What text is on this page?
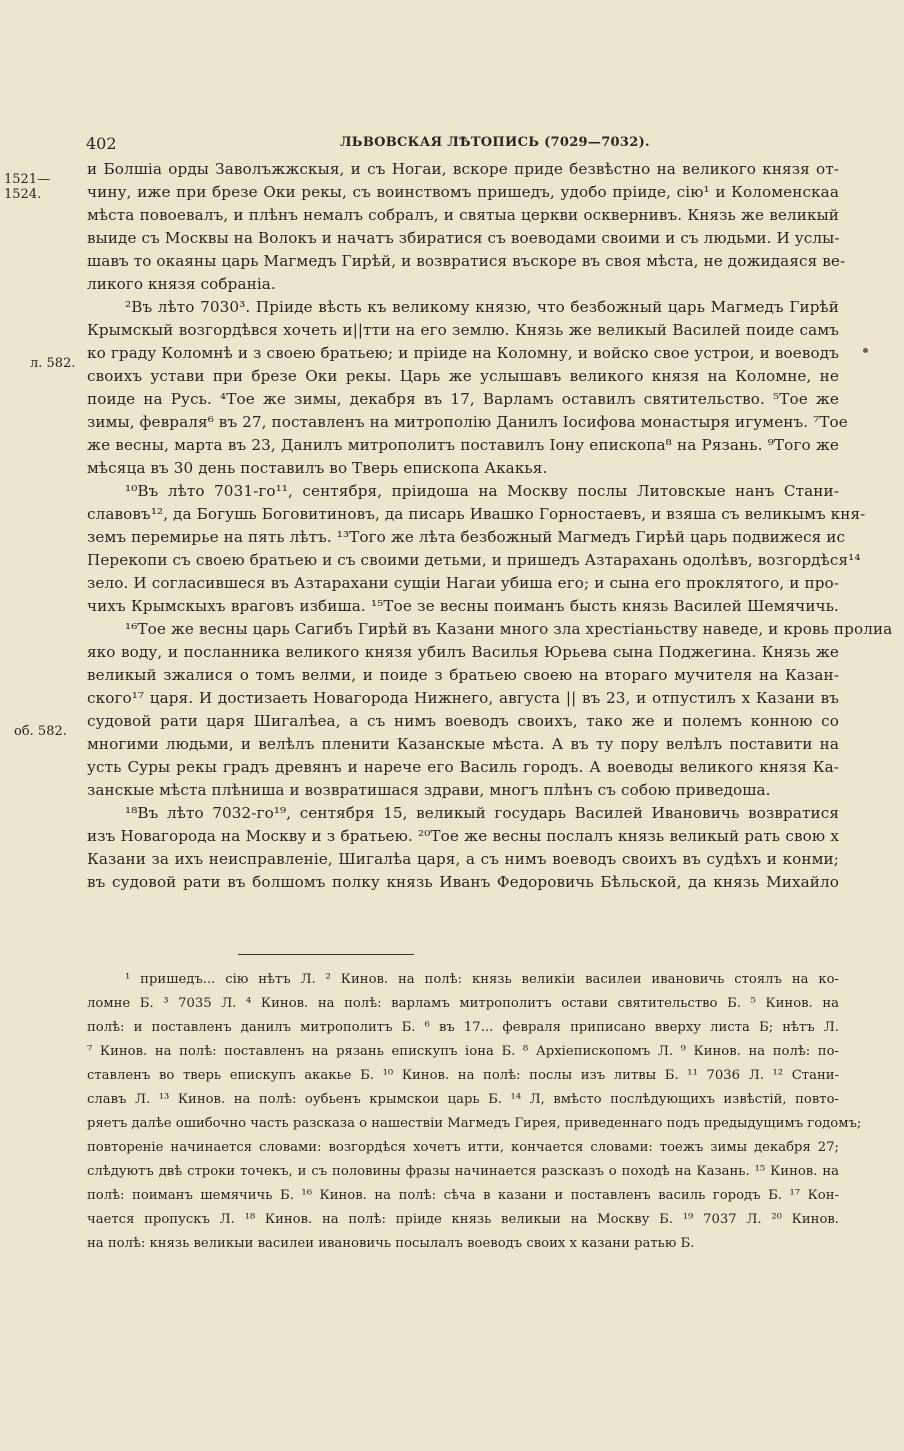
402	ЛЬВОВСКАЯ ЛѢТОПИСЬ (7029—7032).
1521—1524.
л. 582.
об. 582.
и Болшіа орды Заволъжжскыя, и съ Ногаи, вскоре приде безвѣстно на великого князя от-
чину, иже при брезе Оки рекы, съ воинствомъ пришедъ, удобо пріиде, сію¹ и Коломенскаа
мѣста повоевалъ, и плѣнъ немалъ собралъ, и святыа церкви осквернивъ. Князь же великый
выиде съ Москвы на Волокъ и начатъ збиратися съ воеводами своими и съ людьми. И услы-
шавъ то окаяны царь Магмедъ Гирѣй, и возвратися въскоре въ своя мѣста, не дожидаяся ве-
ликого князя собраніа.
²Въ лѣто 7030³. Пріиде вѣсть къ великому князю, что безбожный царь Магмедъ Гирѣй
Крымскый возгордѣвся хочеть и||тти на его землю. Князь же великый Василей поиде самъ
ко граду Коломнѣ и з своею братьею; и пріиде на Коломну, и войско свое устрои, и воеводъ
своихъ устави при брезе Оки рекы. Царь же услышавъ великого князя на Коломне, не
поиде на Русь. ⁴Тое же зимы, декабря въ 17, Варламъ оставилъ святительство. ⁵Тое же
зимы, февраля⁶ въ 27, поставленъ на митрополію Данилъ Іосифова монастыря игуменъ. ⁷Тое
же весны, марта въ 23, Данилъ митрополитъ поставилъ Іону епископа⁸ на Рязань. ⁹Того же
мѣсяца въ 30 день поставилъ во Тверь епископа Акакья.
¹⁰Въ лѣто 7031-го¹¹, сентября, пріидоша на Москву послы Литовскые нанъ Стани-
славовъ¹², да Богушь Боговитиновъ, да писарь Ивашко Горностаевъ, и взяша съ великымъ кня-
земъ перемирье на пять лѣтъ. ¹³Того же лѣта безбожный Магмедъ Гирѣй царь подвижеся ис
Перекопи съ своею братьею и съ своими детьми, и пришедъ Азтарахань одолѣвъ, возгордѣся¹⁴
зело. И согласившеся въ Азтарахани сущіи Нагаи убиша его; и сына его проклятого, и про-
чихъ Крымскыхъ враговъ избиша. ¹⁵Тое зе весны пoиманъ бысть князь Василей Шемячичь.
¹⁶Тое же весны царь Сагибъ Гирѣй въ Казани много зла хрестіаньству наведе, и кровь пролиа
яко воду, и посланника великого князя убилъ Василья Юрьева сына Поджегина. Князь же
великый зжалися о томъ велми, и поиде з братьею своею на вторaго мучителя на Казан-
ского¹⁷ царя. И достизаеть Новагорода Нижнего, августа || въ 23, и отпустилъ х Казани въ
судовой рати царя Шигалѣеа, а съ нимъ воеводъ своихъ, тако же и полемъ конною со
многими людьми, и велѣлъ пленити Казанскые мѣста. А въ ту пору велѣлъ поставити на
усть Суры рекы градъ древянъ и нарече его Василь городъ. А воеводы великого князя Ка-
занскые мѣста плѣниша и возвратишася здрави, многъ плѣнъ съ собою приведоша.
¹⁸Въ лѣто 7032-го¹⁹, сентября 15, великый государь Василей Ивановичь возвратися
изъ Новагорода на Москву и з братьею. ²⁰Тое же весны послалъ князь великый рать свою х
Казани за ихъ неисправленіе, Шигалѣа царя, а съ нимъ воеводъ своихъ въ судѣхъ и конми;
въ судовой рати въ болшомъ полку князь Иванъ Федоровичь Бѣльской, да князь Михайло
¹ пришедъ... сію нѣтъ Л. ² Кинов. на полѣ: князь великіи василеи ивановичь стоялъ на ко-
ломне Б. ³ 7035 Л. ⁴ Кинов. на полѣ: варламъ митрополитъ остави святительство Б. ⁵ Кинов. на
полѣ: и поставленъ данилъ митрополитъ Б. ⁶ въ 17... февраля приписано вверху листа Б; нѣтъ Л.
⁷ Кинов. на полѣ: поставленъ на рязань епискупъ іона Б. ⁸ Архіепископомъ Л. ⁹ Кинов. на полѣ: по-
ставленъ во тверь епискупъ акакье Б. ¹⁰ Кинов. на полѣ: послы изъ литвы Б. ¹¹ 7036 Л. ¹² Стани-
славъ Л. ¹³ Кинов. на полѣ: оубьенъ крымскои царь Б. ¹⁴ Л, вмѣсто послѣдующихъ извѣстій, повто-
ряетъ далѣе ошибочно часть разсказа о нашествіи Магмедъ Гирея, приведеннаго подъ предыдущимъ годомъ;
повтореніе начинается словами: возгордѣся хочетъ итти, кончается словами: тоежъ зимы декабря 27;
слѣдуютъ двѣ строки точекъ, и съ половины фразы начинается разсказъ о походѣ на Казань. ¹⁵ Кинов. на
полѣ: пoиманъ шемячичь Б. ¹⁶ Кинов. на полѣ: сѣча в казани и поставленъ василь городъ Б. ¹⁷ Кон-
чается пропускъ Л. ¹⁸ Кинов. на полѣ: пріиде князь великыи на Москву Б. ¹⁹ 7037 Л. ²⁰ Кинов.
на полѣ: князь великыи василеи ивановичь посылалъ воеводъ своих х казани ратью Б.
